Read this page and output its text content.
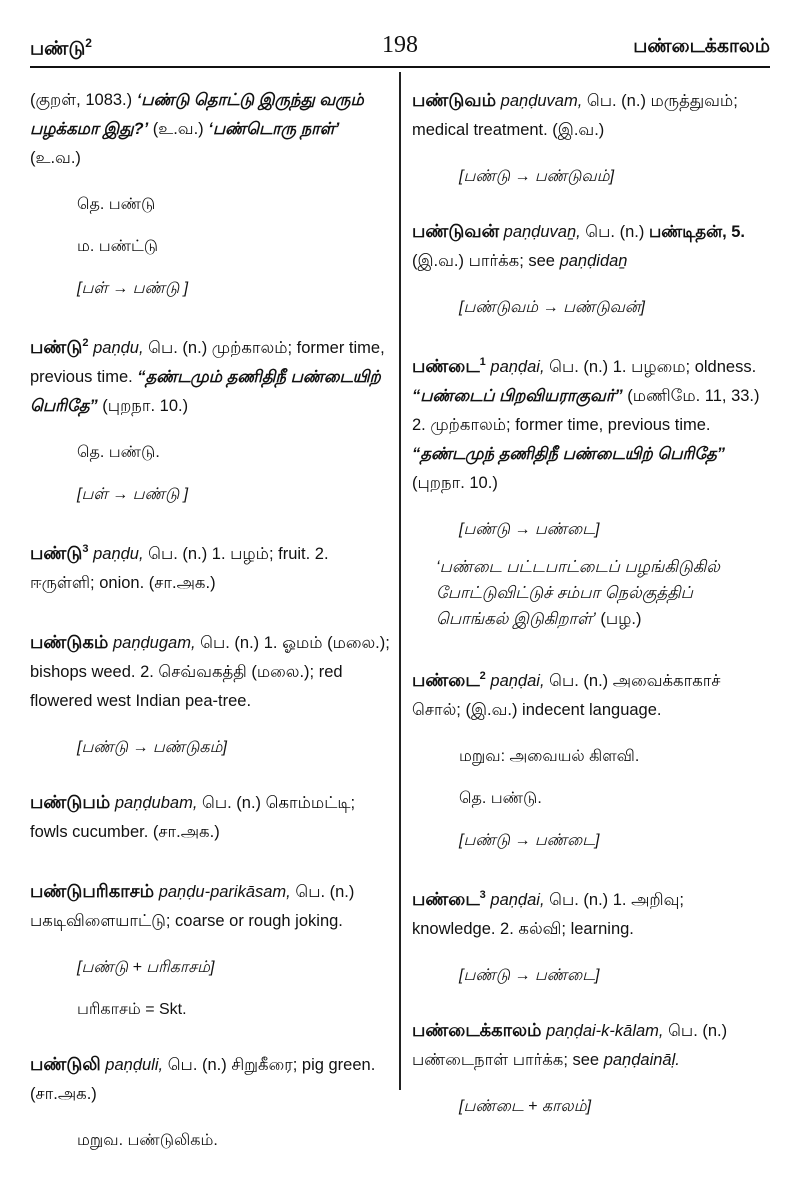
பண்டு$^2$	198	பண்டைக்காலம்
(குறள், 1083.) ‘பண்டு தொட்டு இருந்து வரும் பழக்கமா இது?’ (உ.வ.) ‘பண்டொரு நாள்’ (உ.வ.)
தெ. பண்டு
ம. பண்ட்டு
[பள் → பண்டு ]
பண்டு$^2$ paṇḍu, பெ. (n.) முற்காலம்; former time, previous time. “தண்டமும் தணிதிநீ பண்டையிற் பெரிதே” (புறநா. 10.)
தெ. பண்டு.
[பள் → பண்டு ]
பண்டு$^3$ paṇḍu, பெ. (n.) 1. பழம்; fruit. 2. ஈருள்ளி; onion. (சா.அக.)
பண்டுகம் paṇḍugam, பெ. (n.) 1. ஓமம் (மலை.); bishops weed. 2. செவ்வகத்தி (மலை.); red flowered west Indian pea-tree.
[பண்டு → பண்டுகம்]
பண்டுபம் paṇḍubam, பெ. (n.) கொம்மட்டி; fowls cucumber. (சா.அக.)
பண்டுபரிகாசம் paṇḍu-parikāsam, பெ. (n.) பகடிவிளையாட்டு; coarse or rough joking.
[பண்டு + பரிகாசம்]
பரிகாசம் = Skt.
பண்டுலி paṇḍuli, பெ. (n.) சிறுகீரை; pig green. (சா.அக.)
மறுவ. பண்டுலிகம்.
பண்டுவம் paṇḍuvam, பெ. (n.) மருத்துவம்; medical treatment. (இ.வ.)
[பண்டு → பண்டுவம்]
பண்டுவன் paṇḍuvaṉ, பெ. (n.) பண்டிதன், 5. (இ.வ.) பார்க்க; see paṇḍidaṉ
[பண்டுவம் → பண்டுவன்]
பண்டை$^1$ paṇḍai, பெ. (n.) 1. பழமை; oldness. “பண்டைப் பிறவியராகுவர்” (மணிமே. 11, 33.) 2. முற்காலம்; former time, previous time. “தண்டமுந் தணிதிநீ பண்டையிற் பெரிதே” (புறநா. 10.)
[பண்டு → பண்டை]
‘பண்டை பட்டபாட்டைப் பழங்கிடுகில்
போட்டுவிட்டுச் சம்பா நெல்குத்திப்
பொங்கல் இடுகிறாள்’ (பழ.)
பண்டை$^2$ paṇḍai, பெ. (n.) அவைக்காகாச் சொல்; (இ.வ.) indecent language.
மறுவ: அவையல் கிளவி.
தெ. பண்டு.
[பண்டு → பண்டை]
பண்டை$^3$ paṇḍai, பெ. (n.) 1. அறிவு; knowledge. 2. கல்வி; learning.
[பண்டு → பண்டை]
பண்டைக்காலம் paṇḍai-k-kālam, பெ. (n.) பண்டைநாள் பார்க்க; see paṇḍaināḷ.
[பண்டை + காலம்]
